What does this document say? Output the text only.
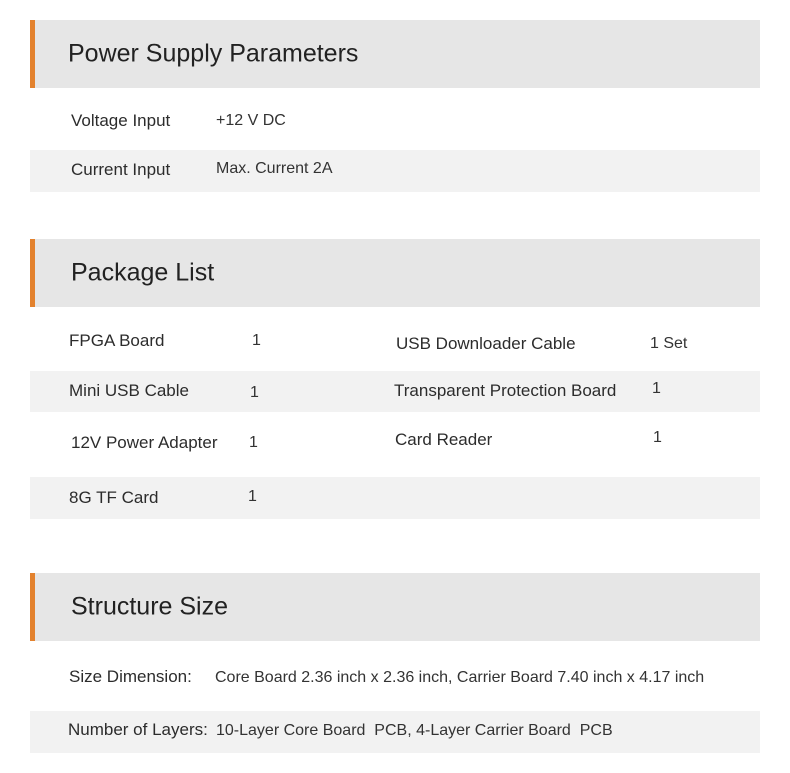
Power Supply Parameters
Voltage Input	+12 V DC
Current Input	Max. Current 2A
Package List
FPGA Board	1	USB Downloader Cable	1 Set
Mini USB Cable	1	Transparent Protection Board 1
12V Power Adapter 1	Card Reader	1
8G TF Card	1
Structure Size
Size Dimension: Core Board 2.36 inch x 2.36 inch, Carrier Board 7.40 inch x 4.17 inch
Number of Layers: 10-Layer Core Board  PCB, 4-Layer Carrier Board  PCB
